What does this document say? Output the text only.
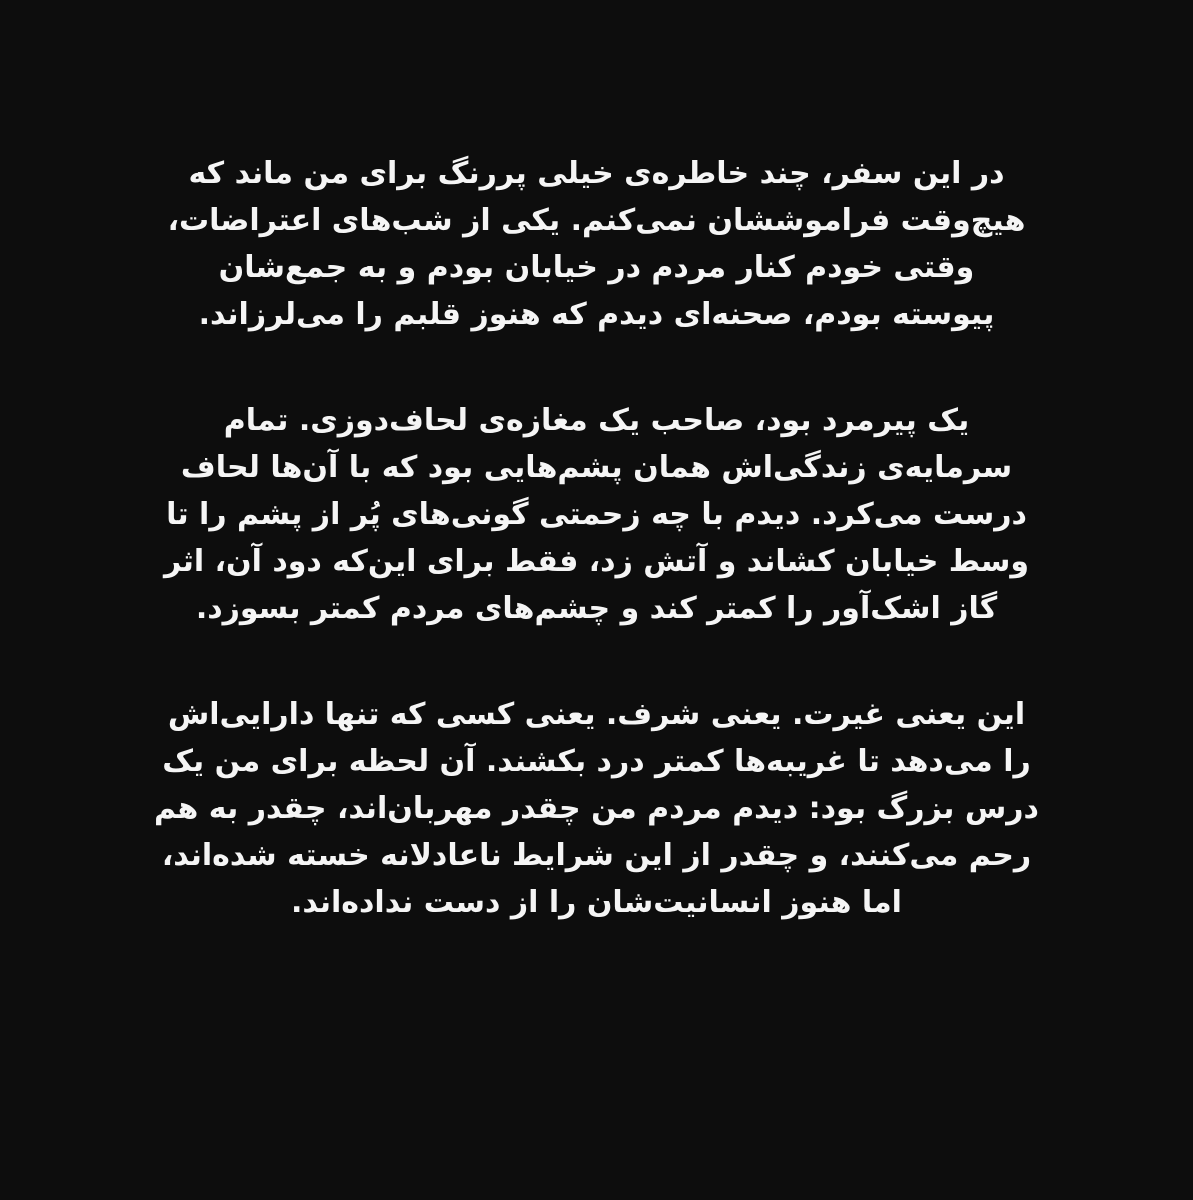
در این سفر، چند خاطره‌ی خیلی پررنگ برای من ماند که
هیچ‌وقت فراموششان نمی‌کنم. یکی از شب‌های اعتراضات،
وقتی خودم کنار مردم در خیابان بودم و به جمع‌شان
پیوسته بودم، صحنه‌ای دیدم که هنوز قلبم را می‌لرزاند.

یک پیرمرد بود، صاحب یک مغازه‌ی لحاف‌دوزی. تمام
سرمایه‌ی زندگی‌اش همان پشم‌هایی بود که با آن‌ها لحاف
درست می‌کرد. دیدم با چه زحمتی گونی‌های پُر از پشم را تا
وسط خیابان کشاند و آتش زد، فقط برای این‌که دود آن، اثر
گاز اشک‌آور را کمتر کند و چشم‌های مردم کمتر بسوزد.

این یعنی غیرت. یعنی شرف. یعنی کسی که تنها دارایی‌اش
را می‌دهد تا غریبه‌ها کمتر درد بکشند. آن لحظه برای من یک
درس بزرگ بود: دیدم مردم من چقدر مهربان‌اند، چقدر به هم
رحم می‌کنند، و چقدر از این شرایط ناعادلانه خسته شده‌اند،
اما هنوز انسانیت‌شان را از دست نداده‌اند.
